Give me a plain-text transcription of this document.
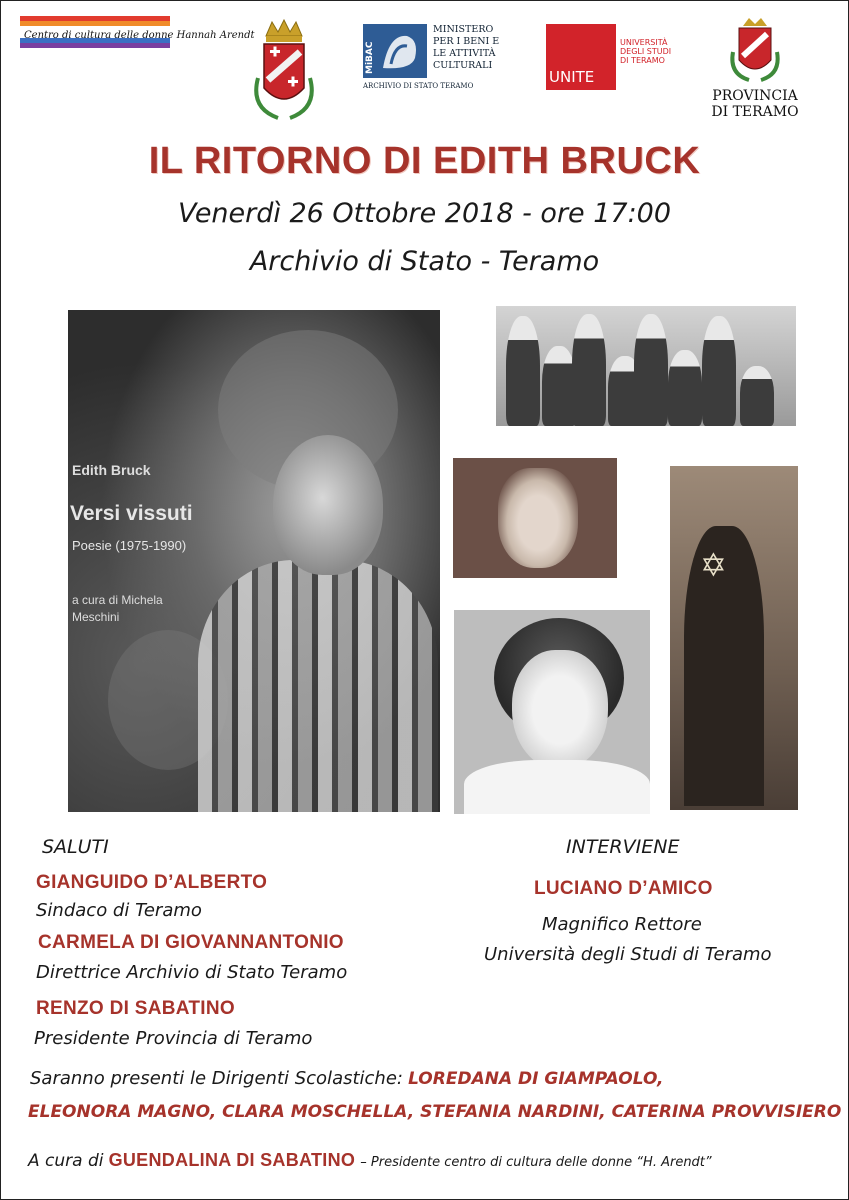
Centro di cultura delle donne Hannah Arendt
MiBAC
MINISTERO PER I BENI E LE ATTIVITÀ CULTURALI
ARCHIVIO DI STATO TERAMO	UNITE
UNIVERSITÀ DEGLI STUDI DI TERAMO
PROVINCIA DI TERAMO
IL RITORNO DI EDITH BRUCK
Venerdì 26 Ottobre 2018 - ore 17:00
Archivio di Stato - Teramo
Edith Bruck
Versi vissuti
Poesie (1975-1990)
a cura di Michela Meschini
✡
SALUTI
GIANGUIDO D’ALBERTO
Sindaco di Teramo
CARMELA DI GIOVANNANTONIO
Direttrice Archivio di Stato Teramo
RENZO DI SABATINO
Presidente Provincia di Teramo
INTERVIENE
LUCIANO D’AMICO
Magnifico Rettore
Università degli Studi di Teramo
Saranno presenti le Dirigenti Scolastiche: LOREDANA DI GIAMPAOLO,
ELEONORA MAGNO, CLARA MOSCHELLA, STEFANIA NARDINI, CATERINA PROVVISIERO
A cura di GUENDALINA DI SABATINO – Presidente centro di cultura delle donne “H. Arendt”
